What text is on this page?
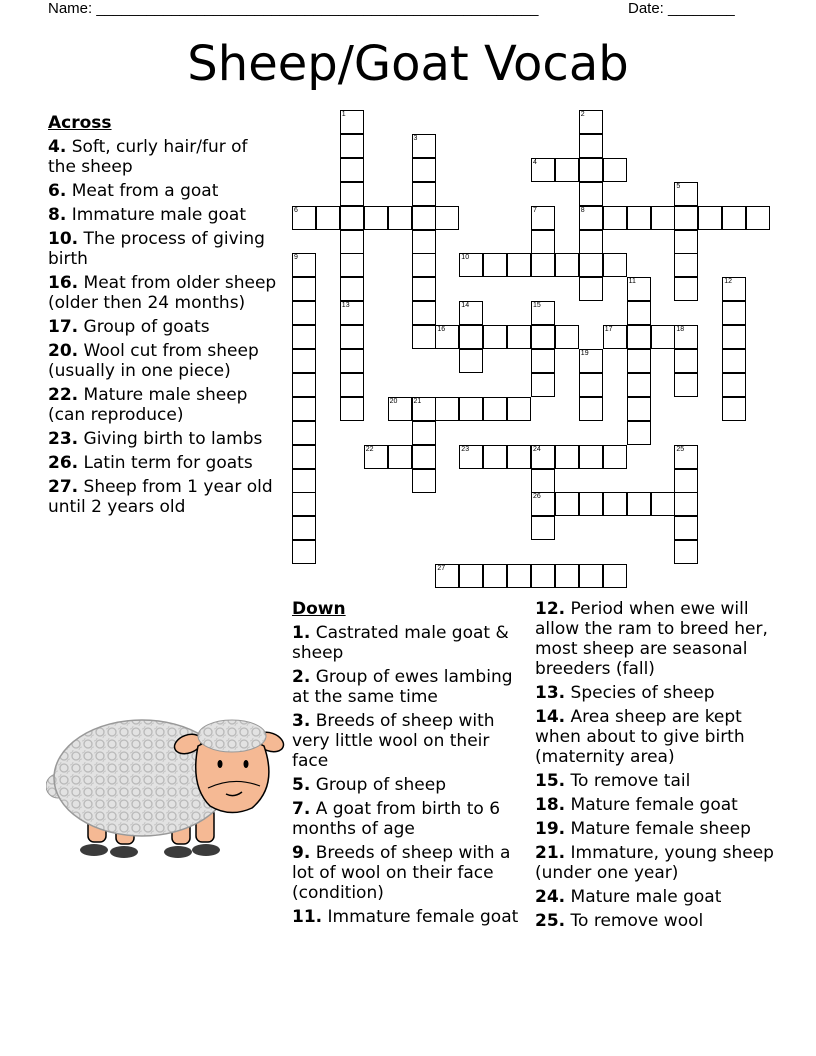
Name: _____________________________________________________	Date: ________
Sheep/Goat Vocab
Across
4. Soft, curly hair/fur of the sheep
6. Meat from a goat
8. Immature male goat
10. The process of giving birth
16. Meat from older sheep (older then 24 months)
17. Group of goats
20. Wool cut from sheep (usually in one piece)
22. Mature male sheep (can reproduce)
23. Giving birth to lambs
26. Latin term for goats
27. Sheep from 1 year old until 2 years old
Down
1. Castrated male goat & sheep
2. Group of ewes lambing at the same time
3. Breeds of sheep with very little wool on their face
5. Group of sheep
7. A goat from birth to 6 months of age
9. Breeds of sheep with a lot of wool on their face (condition)
11. Immature female goat
12. Period when ewe will allow the ram to breed her, most sheep are seasonal breeders (fall)
13. Species of sheep
14. Area sheep are kept when about to give birth (maternity area)
15. To remove tail
18. Mature female goat
19. Mature female sheep
21. Immature, young sheep (under one year)
24. Mature male goat
25. To remove wool
1
13
2
8
3
4
5
6	7
9	10
11	12
14	15
16	17	18
19
20 21
22	23	24
26
25
27
